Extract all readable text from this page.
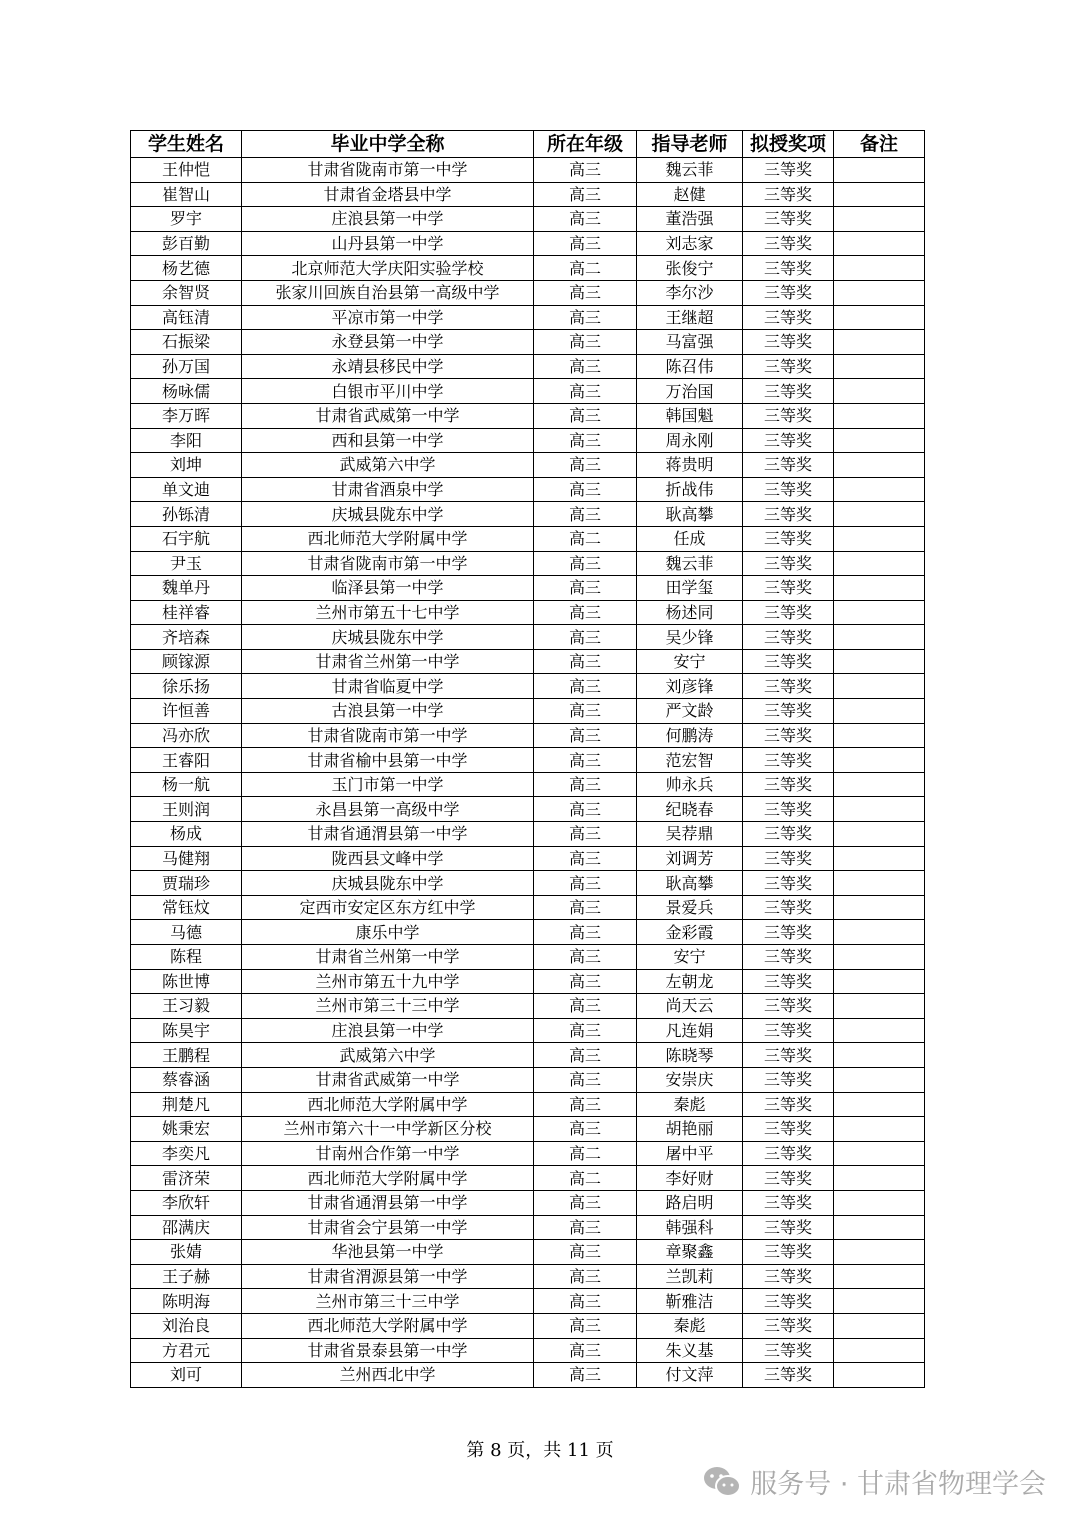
学生姓名	毕业中学全称	所在年级	指导老师	拟授奖项	备注
王仲恺	甘肃省陇南市第一中学	高三	魏云菲	三等奖	
崔智山	甘肃省金塔县中学	高三	赵健	三等奖	
罗宇	庄浪县第一中学	高三	董浩强	三等奖	
彭百勤	山丹县第一中学	高三	刘志家	三等奖	
杨艺德	北京师范大学庆阳实验学校	高二	张俊宁	三等奖	
余智贤	张家川回族自治县第一高级中学	高三	李尔沙	三等奖	
高钰清	平凉市第一中学	高三	王继超	三等奖	
石振梁	永登县第一中学	高三	马富强	三等奖	
孙万国	永靖县移民中学	高三	陈召伟	三等奖	
杨咏儒	白银市平川中学	高三	万治国	三等奖	
李万晖	甘肃省武威第一中学	高三	韩国魁	三等奖	
李阳	西和县第一中学	高三	周永刚	三等奖	
刘坤	武威第六中学	高三	蒋贵明	三等奖	
单文迪	甘肃省酒泉中学	高三	折战伟	三等奖	
孙铄清	庆城县陇东中学	高三	耿高攀	三等奖	
石宇航	西北师范大学附属中学	高二	任成	三等奖	
尹玉	甘肃省陇南市第一中学	高三	魏云菲	三等奖	
魏单丹	临泽县第一中学	高三	田学玺	三等奖	
桂祥睿	兰州市第五十七中学	高三	杨述同	三等奖	
齐培森	庆城县陇东中学	高三	吴少锋	三等奖	
顾镓源	甘肃省兰州第一中学	高三	安宁	三等奖	
徐乐扬	甘肃省临夏中学	高三	刘彦锋	三等奖	
许恒善	古浪县第一中学	高三	严文龄	三等奖	
冯亦欣	甘肃省陇南市第一中学	高三	何鹏涛	三等奖	
王睿阳	甘肃省榆中县第一中学	高三	范宏智	三等奖	
杨一航	玉门市第一中学	高三	帅永兵	三等奖	
王则润	永昌县第一高级中学	高三	纪晓春	三等奖	
杨成	甘肃省通渭县第一中学	高三	吴荐鼎	三等奖	
马健翔	陇西县文峰中学	高三	刘调芳	三等奖	
贾瑞珍	庆城县陇东中学	高三	耿高攀	三等奖	
常钰炆	定西市安定区东方红中学	高三	景爱兵	三等奖	
马德	康乐中学	高三	金彩霞	三等奖	
陈程	甘肃省兰州第一中学	高三	安宁	三等奖	
陈世博	兰州市第五十九中学	高三	左朝龙	三等奖	
王习毅	兰州市第三十三中学	高三	尚天云	三等奖	
陈昊宇	庄浪县第一中学	高三	凡连娟	三等奖	
王鹏程	武威第六中学	高三	陈晓琴	三等奖	
蔡睿涵	甘肃省武威第一中学	高三	安崇庆	三等奖	
荆楚凡	西北师范大学附属中学	高三	秦彪	三等奖	
姚秉宏	兰州市第六十一中学新区分校	高三	胡艳丽	三等奖	
李奕凡	甘南州合作第一中学	高二	屠中平	三等奖	
雷济荣	西北师范大学附属中学	高二	李好财	三等奖	
李欣轩	甘肃省通渭县第一中学	高三	路启明	三等奖	
邵满庆	甘肃省会宁县第一中学	高三	韩强科	三等奖	
张婧	华池县第一中学	高三	章聚鑫	三等奖	
王子赫	甘肃省渭源县第一中学	高三	兰凯莉	三等奖	
陈明海	兰州市第三十三中学	高三	靳雅洁	三等奖	
刘治良	西北师范大学附属中学	高三	秦彪	三等奖	
方君元	甘肃省景泰县第一中学	高三	朱义基	三等奖	
刘可	兰州西北中学	高三	付文萍	三等奖	
第 8 页，共 11 页
服务号 · 甘肃省物理学会
